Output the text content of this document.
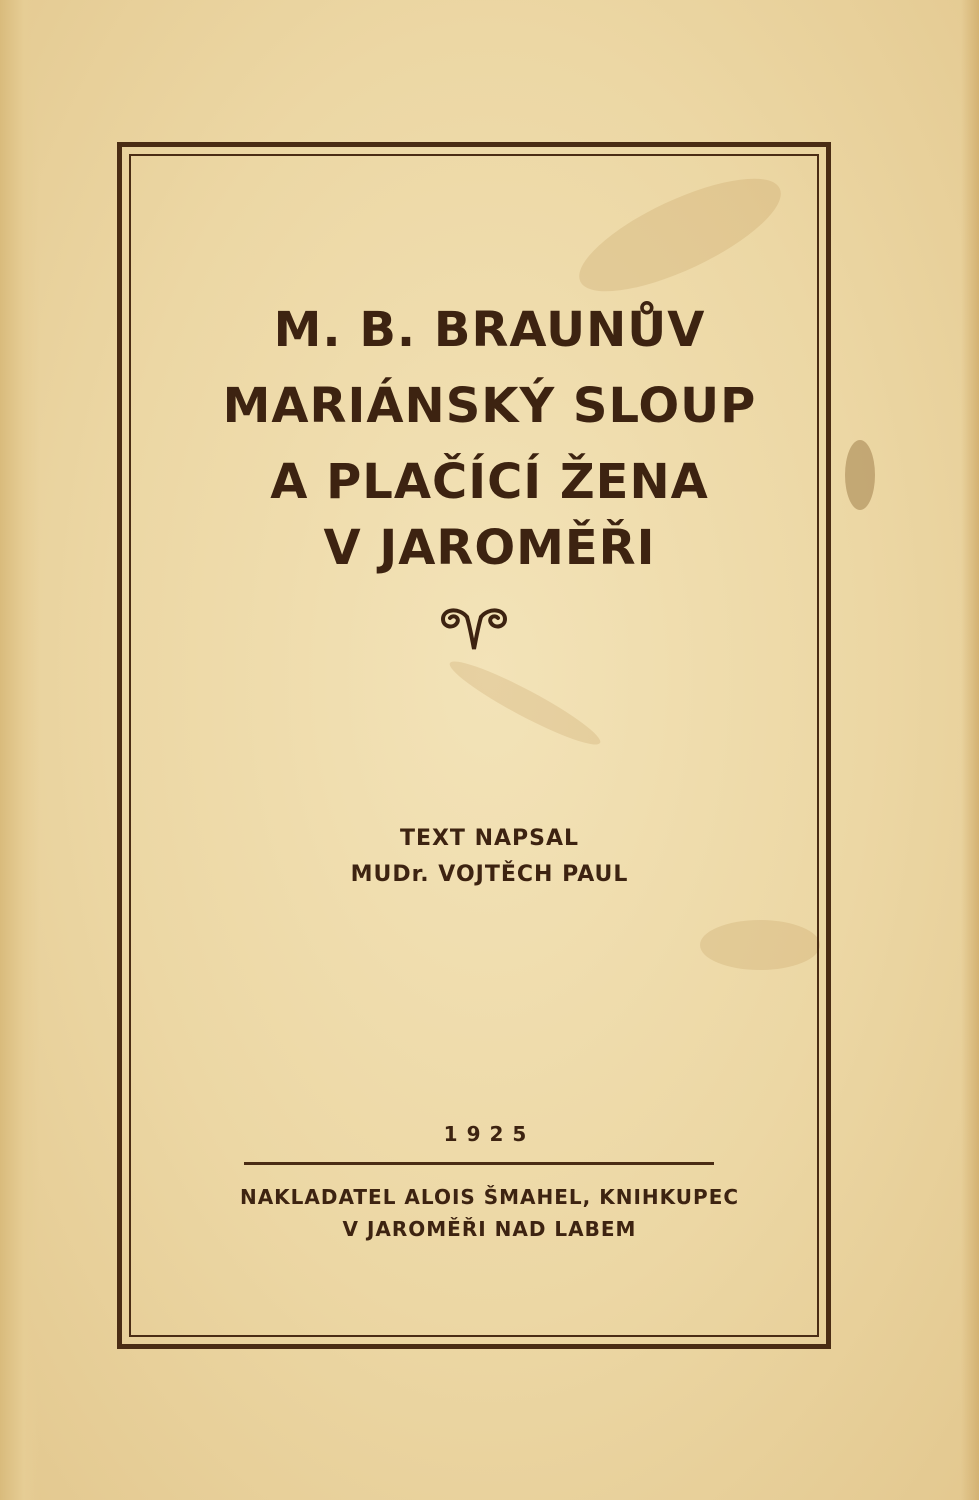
M. B. BRAUNŮV
MARIÁNSKÝ SLOUP
A PLAČÍCÍ ŽENA
V JAROMĚŘI
TEXT NAPSAL
MUDr. VOJTĚCH PAUL
1925
NAKLADATEL ALOIS ŠMAHEL, KNIHKUPEC
V JAROMĚŘI NAD LABEM
